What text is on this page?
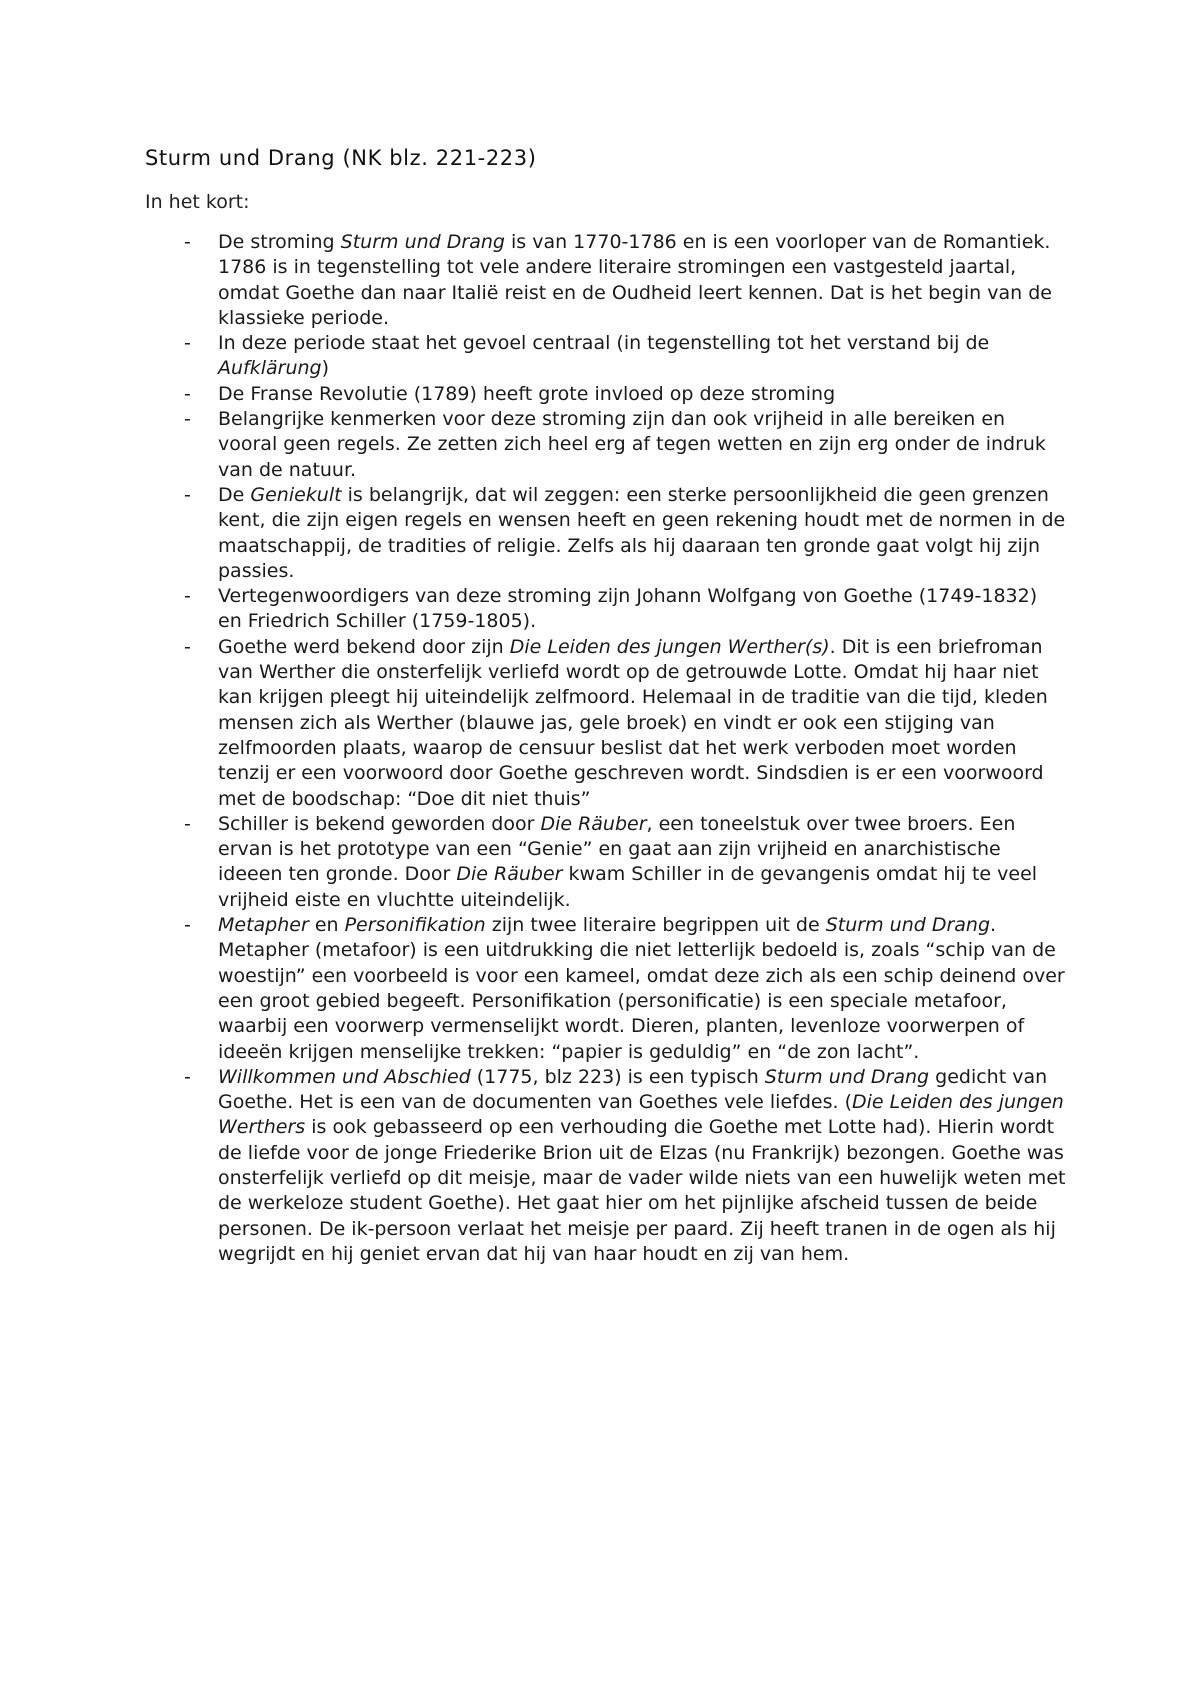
Sturm und Drang (NK blz. 221-223)

In het kort:

-	De stroming Sturm und Drang is van 1770-1786 en is een voorloper van de Romantiek. 1786 is in tegenstelling tot vele andere literaire stromingen een vastgesteld jaartal, omdat Goethe dan naar Italië reist en de Oudheid leert kennen. Dat is het begin van de klassieke periode.
-	In deze periode staat het gevoel centraal (in tegenstelling tot het verstand bij de Aufklärung)
-	De Franse Revolutie (1789) heeft grote invloed op deze stroming
-	Belangrijke kenmerken voor deze stroming zijn dan ook vrijheid in alle bereiken en vooral geen regels. Ze zetten zich heel erg af tegen wetten en zijn erg onder de indruk van de natuur.
-	De Geniekult is belangrijk, dat wil zeggen: een sterke persoonlijkheid die geen grenzen kent, die zijn eigen regels en wensen heeft en geen rekening houdt met de normen in de maatschappij, de tradities of religie. Zelfs als hij daaraan ten gronde gaat volgt hij zijn passies.
-	Vertegenwoordigers van deze stroming zijn Johann Wolfgang von Goethe (1749-1832) en Friedrich Schiller (1759-1805).
-	Goethe werd bekend door zijn Die Leiden des jungen Werther(s). Dit is een briefroman van Werther die onsterfelijk verliefd wordt op de getrouwde Lotte. Omdat hij haar niet kan krijgen pleegt hij uiteindelijk zelfmoord. Helemaal in de traditie van die tijd, kleden mensen zich als Werther (blauwe jas, gele broek) en vindt er ook een stijging van zelfmoorden plaats, waarop de censuur beslist dat het werk verboden moet worden tenzij er een voorwoord door Goethe geschreven wordt. Sindsdien is er een voorwoord met de boodschap: “Doe dit niet thuis”
-	Schiller is bekend geworden door Die Räuber, een toneelstuk over twee broers. Een ervan is het prototype van een “Genie” en gaat aan zijn vrijheid en anarchistische ideeen ten gronde. Door Die Räuber kwam Schiller in de gevangenis omdat hij te veel vrijheid eiste en vluchtte uiteindelijk.
-	Metapher en Personifikation zijn twee literaire begrippen uit de Sturm und Drang. Metapher (metafoor) is een uitdrukking die niet letterlijk bedoeld is, zoals “schip van de woestijn” een voorbeeld is voor een kameel, omdat deze zich als een schip deinend over een groot gebied begeeft. Personifikation (personificatie) is een speciale metafoor, waarbij een voorwerp vermenselijkt wordt. Dieren, planten, levenloze voorwerpen of ideeën krijgen menselijke trekken: “papier is geduldig” en “de zon lacht”.
-	Willkommen und Abschied (1775, blz 223) is een typisch Sturm und Drang gedicht van Goethe. Het is een van de documenten van Goethes vele liefdes. (Die Leiden des jungen Werthers is ook gebasseerd op een verhouding die Goethe met Lotte had). Hierin wordt de liefde voor de jonge Friederike Brion uit de Elzas (nu Frankrijk) bezongen. Goethe was onsterfelijk verliefd op dit meisje, maar de vader wilde niets van een huwelijk weten met de werkeloze student Goethe). Het gaat hier om het pijnlijke afscheid tussen de beide personen. De ik-persoon verlaat het meisje per paard. Zij heeft tranen in de ogen als hij wegrijdt en hij geniet ervan dat hij van haar houdt en zij van hem.
